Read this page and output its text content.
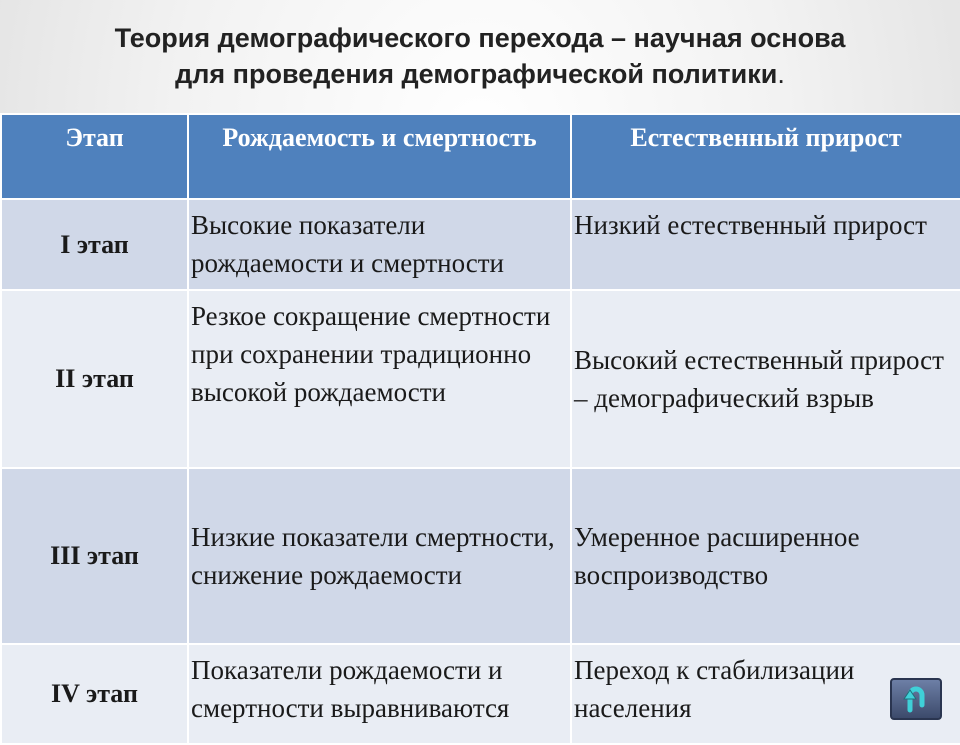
Теория демографического перехода – научная основа
для проведения демографической политики.
Этап	Рождаемость и смертность	Естественный прирост
I этап	Высокие показатели рождаемости и смертности	Низкий естественный прирост
II этап	Резкое сокращение смертности при сохранении традиционно высокой рождаемости	Высокий естественный прирост – демографический взрыв
III этап	Низкие показатели смертности, снижение рождаемости	Умеренное расширенное воспроизводство
IV этап	Показатели рождаемости и смертности выравниваются	Переход к стабилизации населения
